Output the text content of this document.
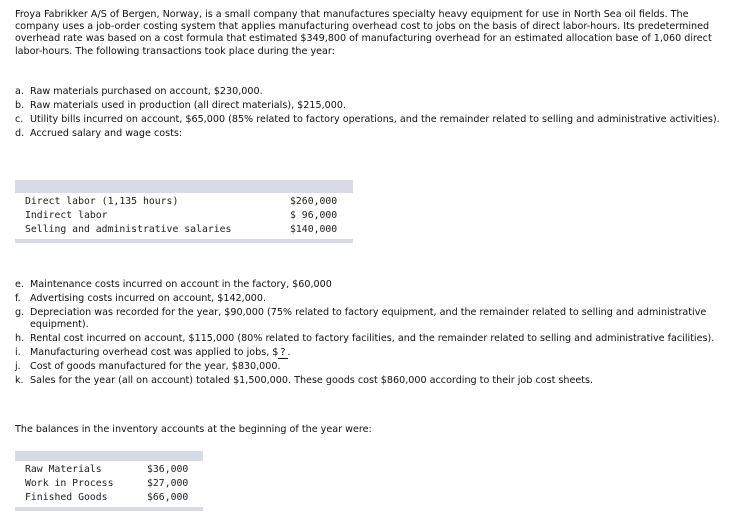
Froya Fabrikker A/S of Bergen, Norway, is a small company that manufactures specialty heavy equipment for use in North Sea oil fields. The company uses a job-order costing system that applies manufacturing overhead cost to jobs on the basis of direct labor-hours. Its predetermined overhead rate was based on a cost formula that estimated $349,800 of manufacturing overhead for an estimated allocation base of 1,060 direct labor-hours. The following transactions took place during the year:

a. Raw materials purchased on account, $230,000.
b. Raw materials used in production (all direct materials), $215,000.
c. Utility bills incurred on account, $65,000 (85% related to factory operations, and the remainder related to selling and administrative activities).
d. Accrued salary and wage costs:
Direct labor (1,135 hours)	$260,000
Indirect labor	$ 96,000
Selling and administrative salaries	$140,000
e. Maintenance costs incurred on account in the factory, $60,000
f. Advertising costs incurred on account, $142,000.
g. Depreciation was recorded for the year, $90,000 (75% related to factory equipment, and the remainder related to selling and administrative equipment).
h. Rental cost incurred on account, $115,000 (80% related to factory facilities, and the remainder related to selling and administrative facilities).
i. Manufacturing overhead cost was applied to jobs, $ ? .
j. Cost of goods manufactured for the year, $830,000.
k. Sales for the year (all on account) totaled $1,500,000. These goods cost $860,000 according to their job cost sheets.

The balances in the inventory accounts at the beginning of the year were:

Raw Materials	$36,000
Work in Process	$27,000
Finished Goods	$66,000
